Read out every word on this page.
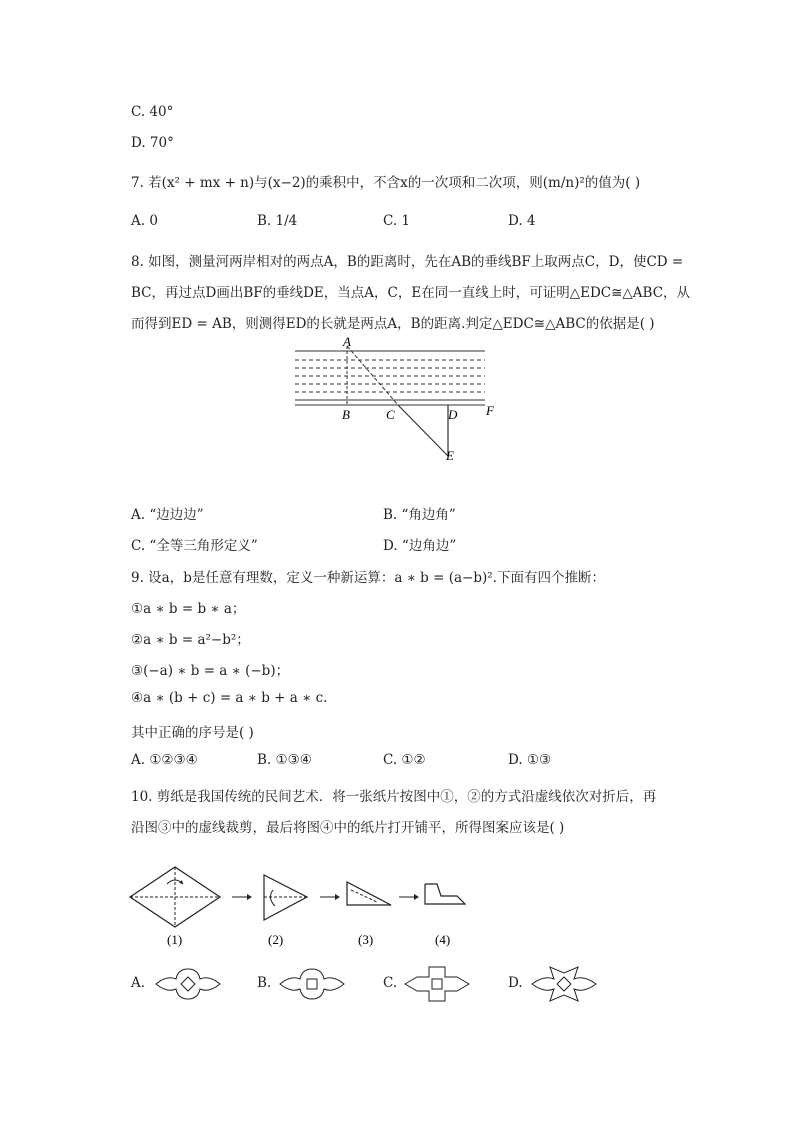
C. 40°
D. 70°
7. 若(x² + mx + n)与(x−2)的乘积中，不含x的一次项和二次项，则(m/n)²的值为( )
A. 0	B. 1/4	C. 1	D. 4
8. 如图，测量河两岸相对的两点A，B的距离时，先在AB的垂线BF上取两点C，D，使CD =
BC，再过点D画出BF的垂线DE，当点A，C，E在同一直线上时，可证明△EDC≅△ABC，从
而得到ED = AB，则测得ED的长就是两点A，B的距离.判定△EDC≅△ABC的依据是( )
A
B	C	D F
E
A. “边边边”	B. “角边角”
C. “全等三角形定义”	D. “边角边”
9. 设a，b是任意有理数，定义一种新运算：a ∗ b = (a−b)².下面有四个推断：
①a ∗ b = b ∗ a；
②a ∗ b = a²−b²；
③(−a) ∗ b = a ∗ (−b)；
④a ∗ (b + c) = a ∗ b + a ∗ c.
其中正确的序号是( )
A. ①②③④	B. ①③④	C. ①②	D. ①③
10. 剪纸是我国传统的民间艺术．将一张纸片按图中①，②的方式沿虚线依次对折后，再
沿图③中的虚线裁剪，最后将图④中的纸片打开铺平，所得图案应该是( )
(1)	(2)	(3)	(4)
A.	B.	C.	D.
